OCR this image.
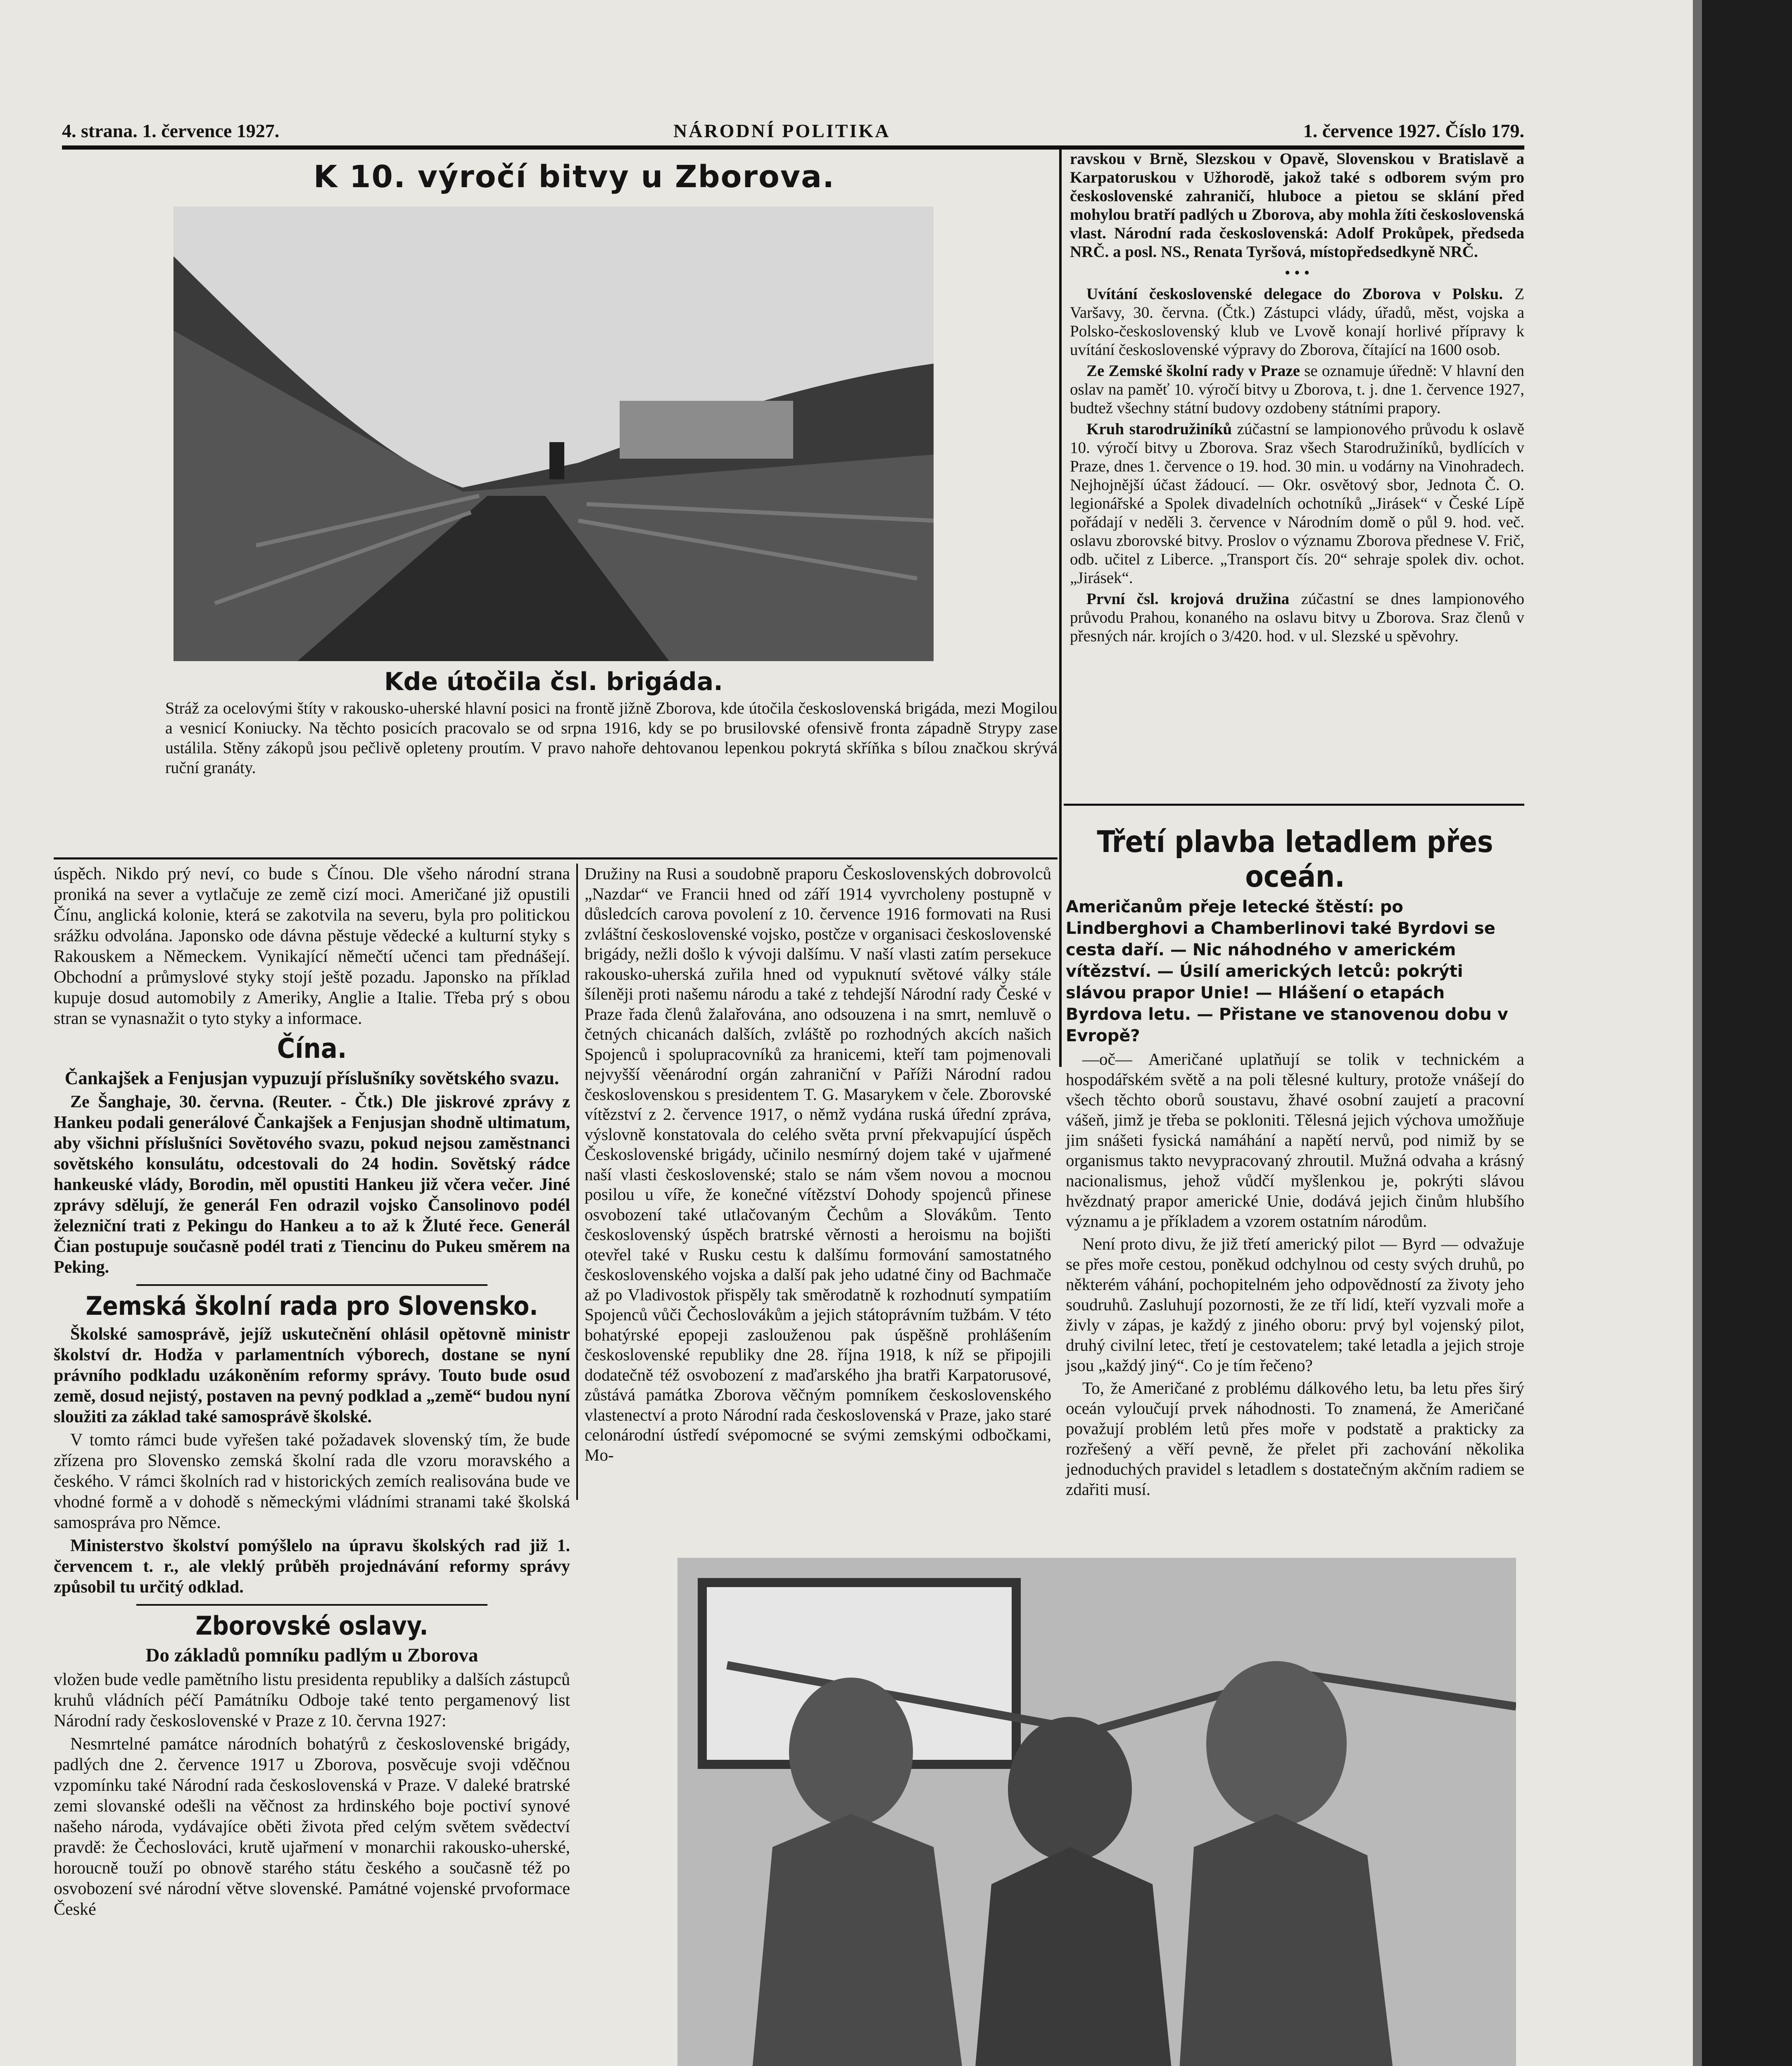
4. strana. 1. července 1927.	NÁRODNÍ POLITIKA	1. července 1927. Číslo 179.
K 10. výročí bitvy u Zborova.
Kde útočila čsl. brigáda.

Stráž za ocelovými štíty v rakousko-uherské hlavní posici na frontě jižně Zborova, kde útočila československá brigáda, mezi Mogilou a vesnicí Koniucky. Na těchto posicích pracovalo se od srpna 1916, kdy se po brusilovské ofensivě fronta západně Strypy zase ustálila. Stěny zákopů jsou pečlivě opleteny proutím. V pravo nahoře dehtovanou lepenkou pokrytá skříňka s bílou značkou skrývá ruční granáty.

ravskou v Brně, Slezskou v Opavě, Slovenskou v Bratislavě a Karpatoruskou v Užhorodě, jakož také s odborem svým pro československé zahraničí, hluboce a pietou se sklání před mohylou bratří padlých u Zborova, aby mohla žíti československá vlast. Národní rada československá: Adolf Prokůpek, předseda NRČ. a posl. NS., Renata Tyršová, místopředsedkyně NRČ.

• • •

Uvítání československé delegace do Zborova v Polsku. Z Varšavy, 30. června. (Čtk.) Zástupci vlády, úřadů, měst, vojska a Polsko-československý klub ve Lvově konají horlivé přípravy k uvítání československé výpravy do Zborova, čítající na 1600 osob.

Ze Zemské školní rady v Praze se oznamuje úředně: V hlavní den oslav na paměť 10. výročí bitvy u Zborova, t. j. dne 1. července 1927, budtež všechny státní budovy ozdobeny státními prapory.

Kruh starodružiníků zúčastní se lampionového průvodu k oslavě 10. výročí bitvy u Zborova. Sraz všech Starodružiníků, bydlících v Praze, dnes 1. července o 19. hod. 30 min. u vodárny na Vinohradech. Nejhojnější účast žádoucí. — Okr. osvětový sbor, Jednota Č. O. legionářské a Spolek divadelních ochotníků „Jirásek“ v České Lípě pořádají v neděli 3. července v Národním domě o půl 9. hod. več. oslavu zborovské bitvy. Proslov o významu Zborova přednese V. Frič, odb. učitel z Liberce. „Transport čís. 20“ sehraje spolek div. ochot. „Jirásek“.

První čsl. krojová družina zúčastní se dnes lampionového průvodu Prahou, konaného na oslavu bitvy u Zborova. Sraz členů v přesných nár. krojích o 3/420. hod. v ul. Slezské u spěvohry.

Třetí plavba letadlem přes oceán.

Američanům přeje letecké štěstí: po Lindberghovi a Chamberlinovi také Byrdovi se cesta daří. — Nic náhodného v americkém vítězství. — Úsilí amerických letců: pokrýti slávou prapor Unie! — Hlášení o etapách Byrdova letu. — Přistane ve stanovenou dobu v Evropě?

—oč— Američané uplatňují se tolik v technickém a hospodářském světě a na poli tělesné kultury, protože vnášejí do všech těchto oborů soustavu, žhavé osobní zaujetí a pracovní vášeň, jimž je třeba se pokloniti. Tělesná jejich výchova umožňuje jim snášeti fysická namáhání a napětí nervů, pod nimiž by se organismus takto nevypracovaný zhroutil. Mužná odvaha a krásný nacionalismus, jehož vůdčí myšlenkou je, pokrýti slávou hvězdnatý prapor americké Unie, dodává jejich činům hlubšího významu a je příkladem a vzorem ostatním národům.

Není proto divu, že již třetí americký pilot — Byrd — odvažuje se přes moře cestou, poněkud odchylnou od cesty svých druhů, po některém váhání, pochopitelném jeho odpovědností za životy jeho soudruhů. Zasluhují pozornosti, že ze tří lidí, kteří vyzvali moře a živly v zápas, je každý z jiného oboru: prvý byl vojenský pilot, druhý civilní letec, třetí je cestovatelem; také letadla a jejich stroje jsou „každý jiný“. Co je tím řečeno?

To, že Američané z problému dálkového letu, ba letu přes širý oceán vyloučují prvek náhodnosti. To znamená, že Američané považují problém letů přes moře v podstatě a prakticky za rozřešený a věří pevně, že přelet při zachování několika jednoduchých pravidel s letadlem s dostatečným akčním radiem se zdařiti musí.

úspěch. Nikdo prý neví, co bude s Čínou. Dle všeho národní strana proniká na sever a vytlačuje ze země cizí moci. Američané již opustili Čínu, anglická kolonie, která se zakotvila na severu, byla pro politickou srážku odvolána. Japonsko ode dávna pěstuje vědecké a kulturní styky s Rakouskem a Německem. Vynikající němečtí učenci tam přednášejí. Obchodní a průmyslové styky stojí ještě pozadu. Japonsko na příklad kupuje dosud automobily z Ameriky, Anglie a Italie. Třeba prý s obou stran se vynasnažit o tyto styky a informace.

Čína.

Čankajšek a Fenjusjan vypuzují příslušníky sovětského svazu.

Ze Šanghaje, 30. června. (Reuter. - Čtk.) Dle jiskrové zprávy z Hankeu podali generálové Čankajšek a Fenjusjan shodně ultimatum, aby všichni příslušníci Sovětového svazu, pokud nejsou zaměstnanci sovětského konsulátu, odcestovali do 24 hodin. Sovětský rádce hankeuské vlády, Borodin, měl opustiti Hankeu již včera večer. Jiné zprávy sdělují, že generál Fen odrazil vojsko Čansolinovo podél železniční trati z Pekingu do Hankeu a to až k Žluté řece. Generál Čian postupuje současně podél trati z Tiencinu do Pukeu směrem na Peking.

Zemská školní rada pro Slovensko.

Školské samosprávě, jejíž uskutečnění ohlásil opětovně ministr školství dr. Hodža v parlamentních výborech, dostane se nyní právního podkladu uzákoněním reformy správy. Touto bude osud země, dosud nejistý, postaven na pevný podklad a „země“ budou nyní sloužiti za základ také samosprávě školské.

V tomto rámci bude vyřešen také požadavek slovenský tím, že bude zřízena pro Slovensko zemská školní rada dle vzoru moravského a českého. V rámci školních rad v historických zemích realisována bude ve vhodné formě a v dohodě s německými vládními stranami také školská samospráva pro Němce.

Ministerstvo školství pomýšlelo na úpravu školských rad již 1. červencem t. r., ale vleklý průběh projednávání reformy správy způsobil tu určitý odklad.

Zborovské oslavy.

Do základů pomníku padlým u Zborova

vložen bude vedle pamětního listu presidenta republiky a dalších zástupců kruhů vládních péčí Památníku Odboje také tento pergamenový list Národní rady československé v Praze z 10. června 1927:

Nesmrtelné památce národních bohatýrů z československé brigády, padlých dne 2. července 1917 u Zborova, posvěcuje svoji vděčnou vzpomínku také Národní rada československá v Praze. V daleké bratrské zemi slovanské odešli na věčnost za hrdinského boje poctiví synové našeho národa, vydávajíce oběti života před celým světem svědectví pravdě: že Čechoslováci, krutě ujařmení v monarchii rakousko-uherské, horoucně touží po obnově starého státu českého a současně též po osvobození své národní větve slovenské. Památné vojenské prvoformace České

Družiny na Rusi a soudobně praporu Československých dobrovolců „Nazdar“ ve Francii hned od září 1914 vyvrcholeny postupně v důsledcích carova povolení z 10. července 1916 formovati na Rusi zvláštní československé vojsko, postčze v organisaci československé brigády, nežli došlo k vývoji dalšímu. V naší vlasti zatím persekuce rakousko-uherská zuřila hned od vypuknutí světové války stále šíleněji proti našemu národu a také z tehdejší Národní rady České v Praze řada členů žalařována, ano odsouzena i na smrt, nemluvě o četných chicanách dalších, zvláště po rozhodných akcích našich Spojenců i spolupracovníků za hranicemi, kteří tam pojmenovali nejvyšší věenárodní orgán zahraniční v Paříži Národní radou československou s presidentem T. G. Masarykem v čele. Zborovské vítězství z 2. července 1917, o němž vydána ruská úřední zpráva, výslovně konstatovala do celého světa první překvapující úspěch Československé brigády, učinilo nesmírný dojem také v ujařmené naší vlasti československé; stalo se nám všem novou a mocnou posilou u víře, že konečné vítězství Dohody spojenců přinese osvobození také utlačovaným Čechům a Slovákům. Tento československý úspěch bratrské věrnosti a heroismu na bojišti otevřel také v Rusku cestu k dalšímu formování samostatného československého vojska a další pak jeho udatné činy od Bachmače až po Vladivostok přispěly tak směrodatně k rozhodnutí sympatiím Spojenců vůči Čechoslovákům a jejich státoprávním tužbám. V této bohatýrské epopeji zaslouženou pak úspěšně prohlášením československé republiky dne 28. října 1918, k níž se připojili dodatečně též osvobození z maďarského jha bratři Karpatorusové, zůstává památka Zborova věčným pomníkem československého vlastenectví a proto Národní rada československá v Praze, jako staré celonárodní ústředí svépomocné se svými zemskými odbočkami, Mo-
